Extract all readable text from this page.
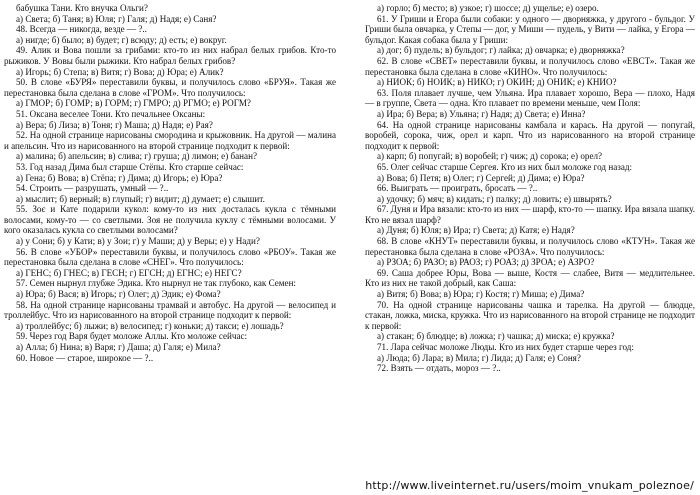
бабушка Тани. Кто внучка Ольги?

а) Света; б) Таня; в) Юля; г) Галя; д) Надя; е) Саня?

48. Всегда — никогда, везде — ?..

а) нигде; б) было; в) будет; г) всюду; д) есть; е) вокруг.

49. Алик и Вова пошли за грибами: кто-то из них набрал белых грибов. Кто-то рыжиков. У Вовы были рыжики. Кто набрал белых грибов?

а) Игорь; б) Степа; в) Витя; г) Вова; д) Юра; е) Алик?

50. В слове «БУРЯ» переставили буквы, и получилось слово «БРУЯ». Такая же перестановка была сделана в слове «ГРОМ». Что получилось:

а) ГМОР; б) ГОМР; в) ГОРМ; г) ГМРО; д) РГМО; е) РОГМ?

51. Оксана веселее Тони. Кто печальнее Оксаны:

а) Вера; б) Лиза; в) Тоня; г) Маша; д) Надя; е) Рая?

52. На одной странице нарисованы смородина и крыжовник. На другой — малина и апельсин. Что из нарисованного на второй странице подходит к первой:

а) малина; б) апельсин; в) слива; г) груша; д) лимон; е) банан?

53. Год назад Дима был старше Стёпы. Кто старше сейчас:

а) Гена; б) Вова; в) Стёпа; г) Дима; д) Игорь; е) Юра?

54. Строить — разрушать, умный — ?..

а) мыслит; б) верный; в) глупый; г) видит; д) думает; е) слышит.

55. Зоє и Кате подарили кукол: кому-то из них досталась кукла с тёмными волосами, кому-то — со светлыми. Зоя не получила куклу с тёмными волосами. У кого оказалась кукла со светлыми волосами?

а) у Сони; б) у Кати; в) у Зои; г) у Маши; д) у Веры; е) у Нади?

56. В слове «УБОР» переставили буквы, и получилось слово «РБОУ». Такая же перестановка была сделана в слове «СНЕГ». Что получилось:

а) ГЕНС; б) ГНЕС; в) ГЕСН; г) ЕГСН; д) ЕГНС; е) НЕГС?

57. Семен нырнул глубже Эдика. Кто нырнул не так глубоко, как Семен:

а) Юра; б) Вася; в) Игорь; г) Олег; д) Эдик; е) Фома?

58. На одной странице нарисованы трамвай и автобус. На другой — велосипед и троллейбус. Что из нарисованного на второй странице подходит к первой:

а) троллейбус; б) лыжи; в) велосипед; г) коньки; д) такси; е) лошадь?

59. Через год Варя будет моложе Аллы. Кто моложе сейчас:

а) Алла; б) Нина; в) Варя; г) Даша; д) Галя; е) Мила?

60. Новое — старое, широкое — ?..

а) горло; б) место; в) узкое; г) шоссе; д) ущелье; е) озеро.

61. У Гриши и Егора были собаки: у одного — дворняжка, у другого - бульдог. У Гриши была овчарка, у Степы — дог, у Миши — пудель, у Вити — лайка, у Егора — бульдог. Какая собака была у Гриши:

а) дог; б) пудель; в) бульдог; г) лайка; д) овчарка; е) дворняжка?

62. В слове «СВЕТ» переставили буквы, и получилось слово «ЕВСТ». Такая же перестановка была сделана в слове «КИНО». Что получилось:

а) НИОК; б) НОИК; в) НИКО; г) ОКИН; д) ОНИК; е) КНИО?

63. Поля плавает лучше, чем Ульяна. Ира плавает хорошо, Вера — плохо, Надя — в группе, Света — одна. Кто плавает по времени меньше, чем Поля:

а) Ира; б) Вера; в) Ульяна; г) Надя; д) Света; е) Инна?

64. На одной странице нарисованы камбала и карась. На другой — попугай, воробей, сорока, чиж, орел и карп. Что из нарисованного на второй странице подходит к первой:

а) карп; б) попугай; в) воробей; г) чиж; д) сорока; е) орел?

65. Олег сейчас старше Сергея. Кто из них был моложе год назад:

а) Вова; б) Петя; в) Олег; г) Сергей; д) Дима; е) Юра?

66. Выиграть — проиграть, бросать — ?..

а) удочку; б) мяч; в) кидать; г) палку; д) ловить; е) швырять?

67. Дуня и Ира вязали: кто-то из них — шарф, кто-то — шапку. Ира вязала шапку. Кто не вязал шарф?

а) Дуня; б) Юля; в) Ира; г) Света; д) Катя; е) Надя?

68. В слове «КНУТ» переставили буквы, и получилось слово «КТУН». Такая же перестановка была сделана в слове «РОЗА». Что получилось:

а) РЗОА; б) РАЗО; в) РАОЗ; г) РОАЗ; д) ЗРОА; е) АЗРО?

69. Саша добрее Юры, Вова — выше, Костя — слабее, Витя — медлительнее. Кто из них не такой добрый, как Саша:

а) Витя; б) Вова; в) Юра; г) Костя; г) Миша; е) Дима?

70. На одной странице нарисованы чашка и тарелка. На другой — блюдце, стакан, ложка, миска, кружка. Что из нарисованного на второй странице не подходит к первой:

а) стакан; б) блюдце; в) ложка; г) чашка; д) миска; е) кружка?

71. Лара сейчас моложе Люды. Кто из них будет старше через год:

а) Люда; б) Лара; в) Мила; г) Лида; д) Галя; е) Соня?

72. Взять — отдать, мороз — ?..

http://www.liveinternet.ru/users/moim_vnukam_poleznoe/
